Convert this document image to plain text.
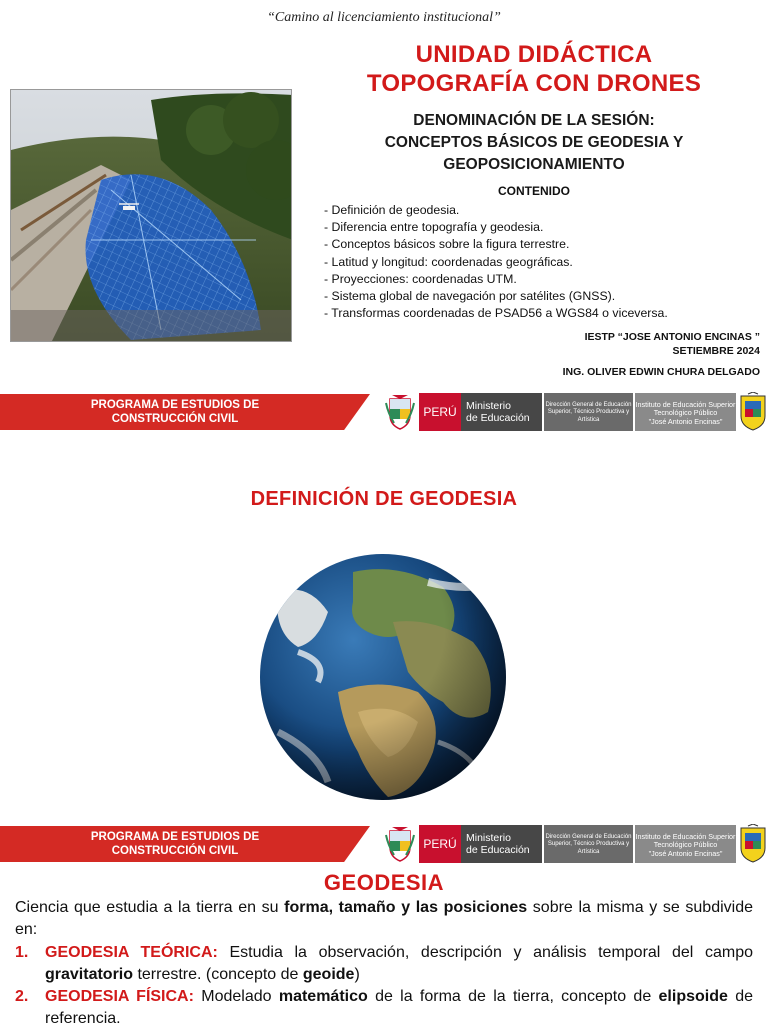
“Camino al licenciamiento institucional”
UNIDAD DIDÁCTICA
TOPOGRAFÍA CON DRONES
DENOMINACIÓN DE LA SESIÓN:
CONCEPTOS BÁSICOS DE GEODESIA Y
GEOPOSICIONAMIENTO
CONTENIDO
- Definición de geodesia.
- Diferencia entre topografía y geodesia.
- Conceptos básicos sobre la figura terrestre.
- Latitud y longitud: coordenadas geográficas.
- Proyecciones: coordenadas UTM.
- Sistema global de navegación por satélites (GNSS).
- Transformas coordenadas de PSAD56 a WGS84 o viceversa.
IESTP “JOSE ANTONIO ENCINAS ”
SETIEMBRE 2024
ING. OLIVER EDWIN CHURA DELGADO
PROGRAMA DE ESTUDIOS DE
CONSTRUCCIÓN CIVIL	PERÚ Ministerio
de Educación
Dirección General de Educación
Superior, Técnico Productiva y
Artística
Instituto de Educación Superior
Tecnológico Público
"José Antonio Encinas"
DEFINICIÓN DE GEODESIA
PROGRAMA DE ESTUDIOS DE
CONSTRUCCIÓN CIVIL	PERÚ Ministerio
de Educación
Dirección General de Educación
Superior, Técnico Productiva y
Artística
Instituto de Educación Superior
Tecnológico Público
"José Antonio Encinas"
GEODESIA

Ciencia que estudia a la tierra en su forma, tamaño y las posiciones sobre la misma y se subdivide en:

1.	GEODESIA TEÓRICA: Estudia la observación, descripción y análisis temporal del campo gravitatorio terrestre. (concepto de geoide)
2.	GEODESIA FÍSICA: Modelado matemático de la forma de la tierra, concepto de elipsoide de referencia.
